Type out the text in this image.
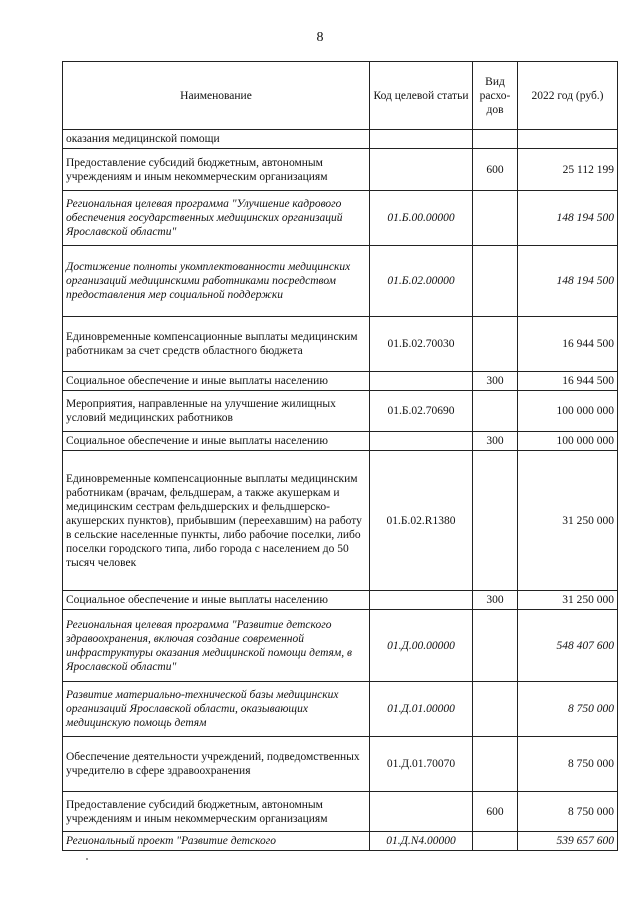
8
Наименование	Код целевой статьи	Вид расхо- дов	2022 год (руб.)
оказания медицинской помощи			
Предоставление субсидий бюджетным, автономным учреждениям и иным некоммерческим организациям		600	25 112 199
Региональная целевая программа "Улучшение кадрового обеспечения государственных медицинских организаций Ярославской области"	01.Б.00.00000		148 194 500
Достижение полноты укомплектованности медицинских организаций медицинскими работниками посредством предоставления мер социальной поддержки	01.Б.02.00000		148 194 500
Единовременные компенсационные выплаты медицинским работникам за счет средств областного бюджета	01.Б.02.70030		16 944 500
Социальное обеспечение и иные выплаты населению		300	16 944 500
Мероприятия, направленные на улучшение жилищных условий медицинских работников	01.Б.02.70690		100 000 000
Социальное обеспечение и иные выплаты населению		300	100 000 000
Единовременные компенсационные выплаты медицинским работникам (врачам, фельдшерам, а также акушеркам и медицинским сестрам фельдшерских и фельдшерско-акушерских пунктов), прибывшим (переехавшим) на работу в сельские населенные пункты, либо рабочие поселки, либо поселки городского типа, либо города с населением до 50 тысяч человек	01.Б.02.R1380		31 250 000
Социальное обеспечение и иные выплаты населению		300	31 250 000
Региональная целевая программа "Развитие детского здравоохранения, включая создание современной инфраструктуры оказания медицинской помощи детям, в Ярославской области"	01.Д.00.00000		548 407 600
Развитие материально-технической базы медицинских организаций Ярославской области, оказывающих медицинскую помощь детям	01.Д.01.00000		8 750 000
Обеспечение деятельности учреждений, подведомственных учредителю в сфере здравоохранения	01.Д.01.70070		8 750 000
Предоставление субсидий бюджетным, автономным учреждениям и иным некоммерческим организациям		600	8 750 000
Региональный проект "Развитие детского	01.Д.N4.00000		539 657 600
